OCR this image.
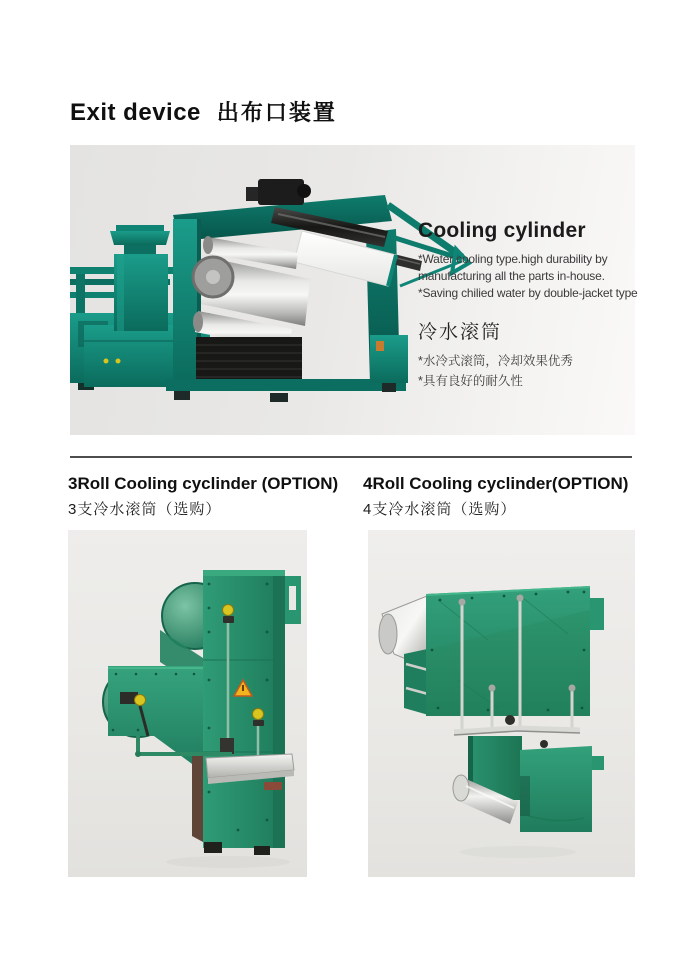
Exit device 出布口装置
Cooling cylinder
*Water cooling type.high durability by
manufacturing all the parts in-house.
*Saving chilied water by double-jacket type
冷水滚筒
*水冷式滚筒，冷却效果优秀
*具有良好的耐久性
3Roll Cooling cyclinder (OPTION)
3支冷水滚筒（选购）
4Roll Cooling cyclinder(OPTION)
4支冷水滚筒（选购）
